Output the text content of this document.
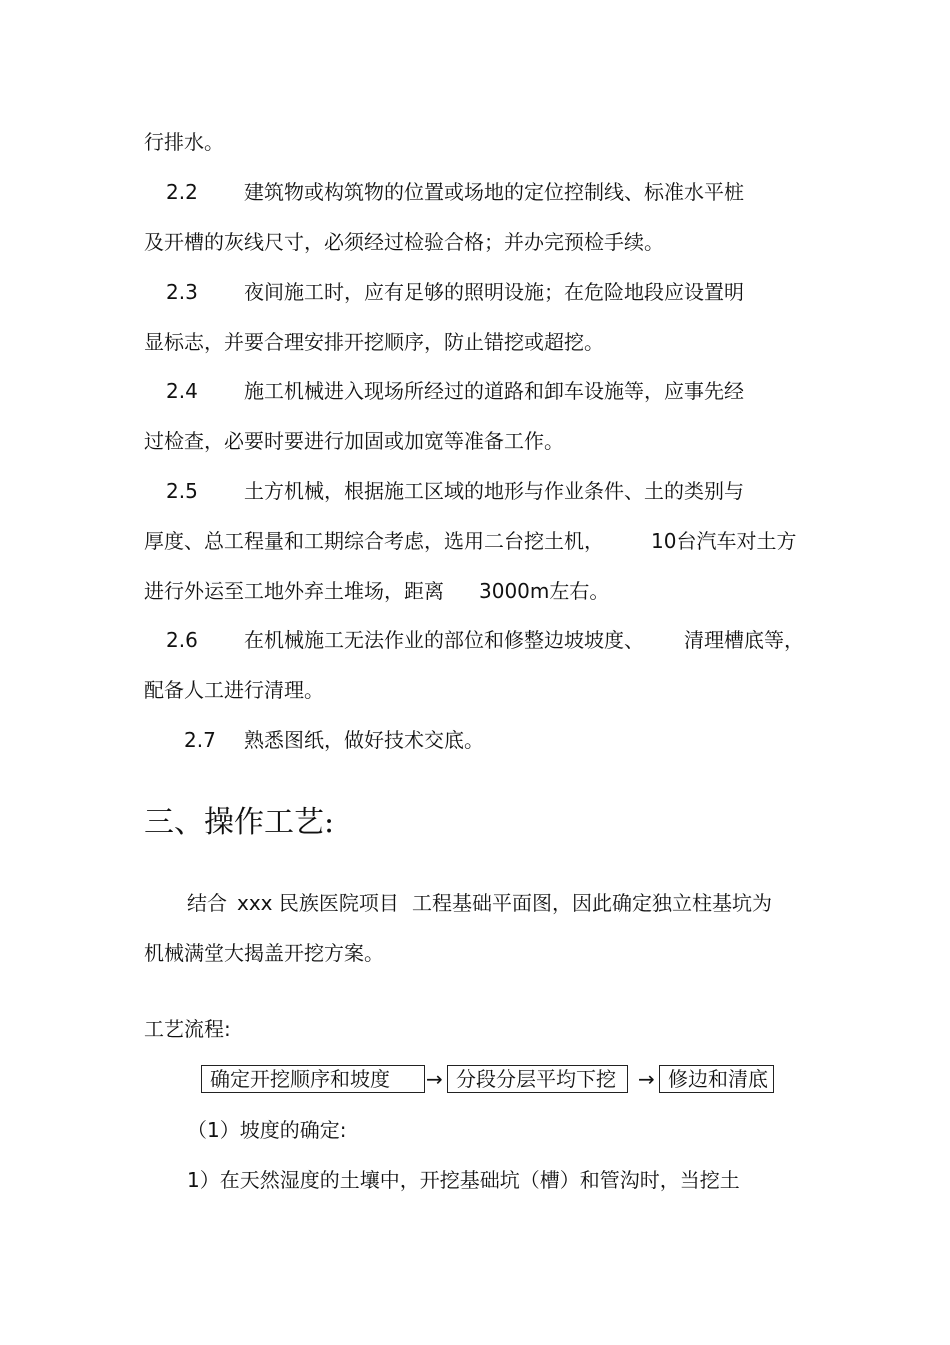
行排水。
2.2 建筑物或构筑物的位置或场地的定位控制线、标准水平桩
及开槽的灰线尺寸，必须经过检验合格；并办完预检手续。
2.3 夜间施工时，应有足够的照明设施；在危险地段应设置明
显标志，并要合理安排开挖顺序，防止错挖或超挖。
2.4 施工机械进入现场所经过的道路和卸车设施等，应事先经
过检查，必要时要进行加固或加宽等准备工作。
2.5 土方机械，根据施工区域的地形与作业条件、土的类别与
厚度、总工程量和工期综合考虑，选用二台挖土机， 10台汽车对土方
进行外运至工地外弃土堆场，距离 3000m左右。
2.6 在机械施工无法作业的部位和修整边坡坡度、 清理槽底等，
配备人工进行清理。
2.7 熟悉图纸，做好技术交底。
三、操作工艺:
结合 xxx 民族医院项目 工程基础平面图，因此确定独立柱基坑为
机械满堂大揭盖开挖方案。
工艺流程:
确定开挖顺序和坡度	→ 分段分层平均下挖	→ 修边和清底
（1）坡度的确定:
1）在天然湿度的土壤中，开挖基础坑（槽）和管沟时，当挖土
